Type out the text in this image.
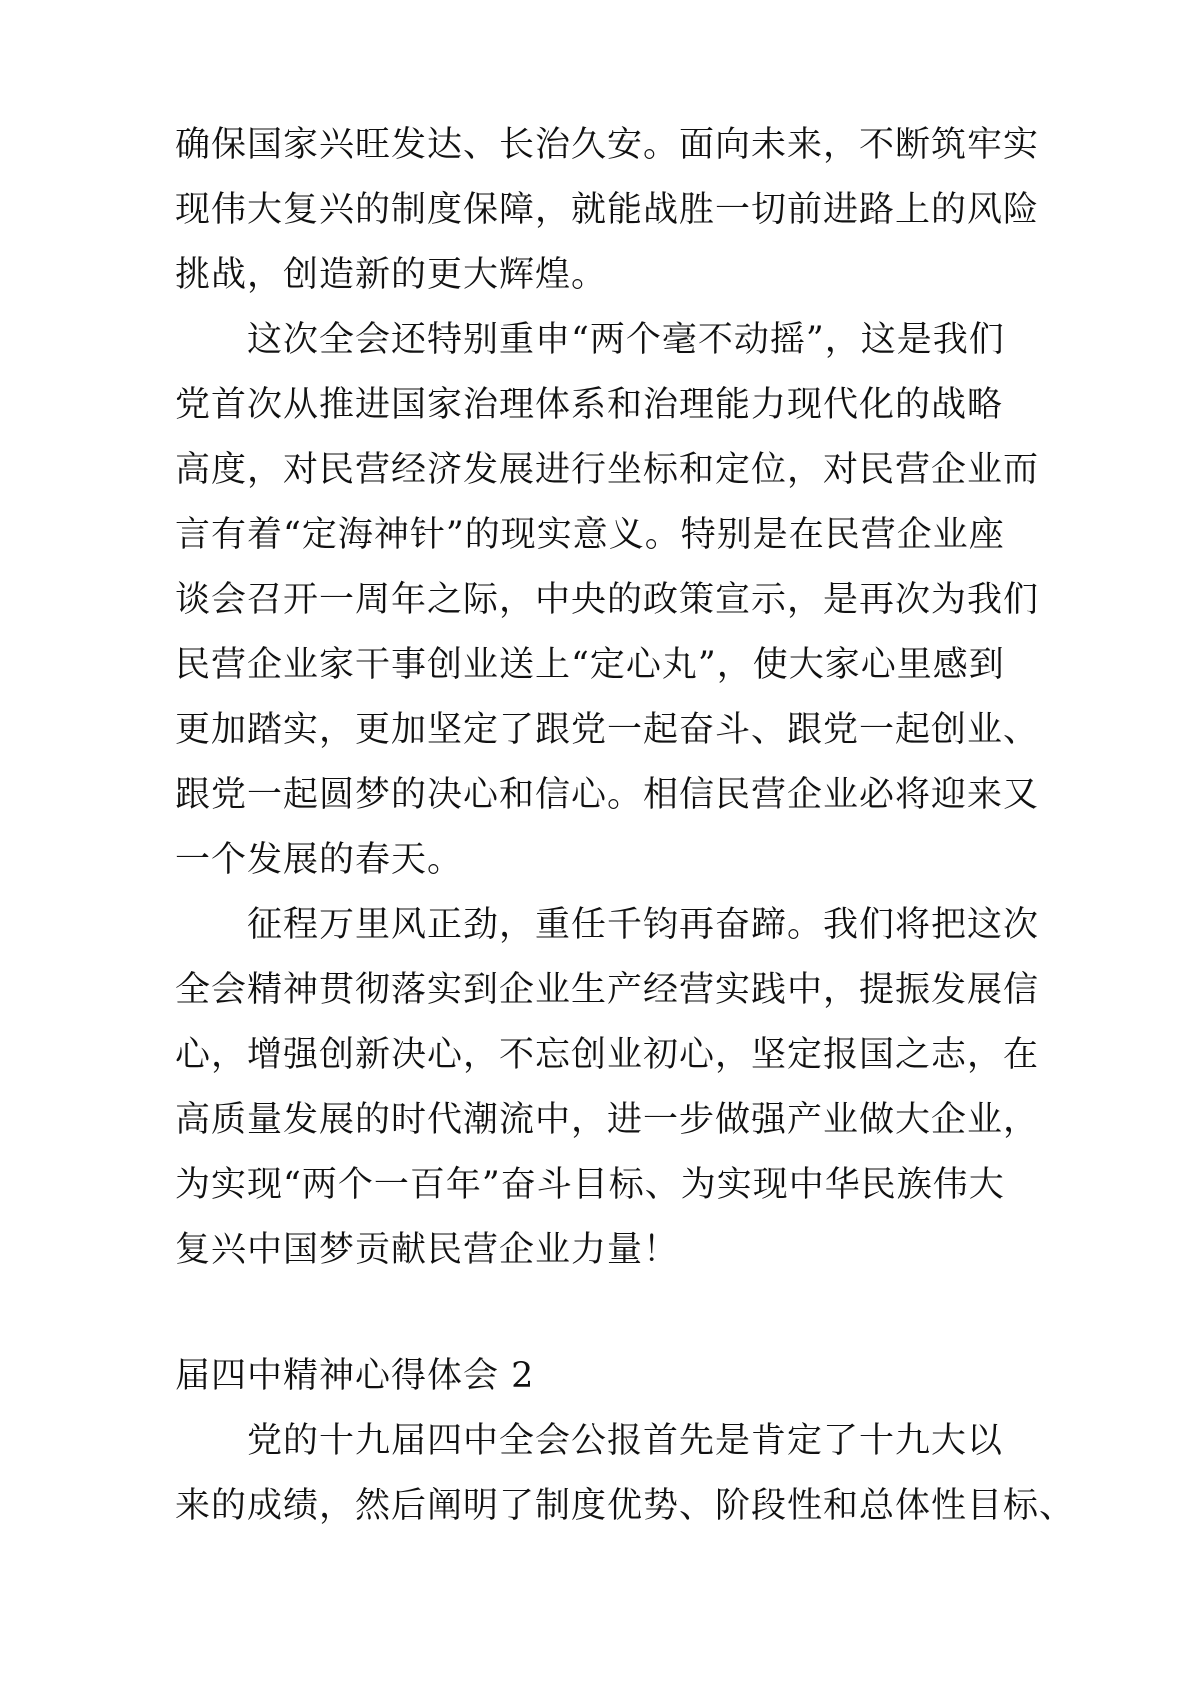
确保国家兴旺发达、长治久安。面向未来，不断筑牢实
现伟大复兴的制度保障，就能战胜一切前进路上的风险
挑战，创造新的更大辉煌。
这次全会还特别重申“两个毫不动摇”，这是我们
党首次从推进国家治理体系和治理能力现代化的战略
高度，对民营经济发展进行坐标和定位，对民营企业而
言有着“定海神针”的现实意义。特别是在民营企业座
谈会召开一周年之际，中央的政策宣示，是再次为我们
民营企业家干事创业送上“定心丸”，使大家心里感到
更加踏实，更加坚定了跟党一起奋斗、跟党一起创业、
跟党一起圆梦的决心和信心。相信民营企业必将迎来又
一个发展的春天。
征程万里风正劲，重任千钧再奋蹄。我们将把这次
全会精神贯彻落实到企业生产经营实践中，提振发展信
心，增强创新决心，不忘创业初心，坚定报国之志，在
高质量发展的时代潮流中，进一步做强产业做大企业，
为实现“两个一百年”奋斗目标、为实现中华民族伟大
复兴中国梦贡献民营企业力量！
届四中精神心得体会 2
党的十九届四中全会公报首先是肯定了十九大以
来的成绩，然后阐明了制度优势、阶段性和总体性目标、
